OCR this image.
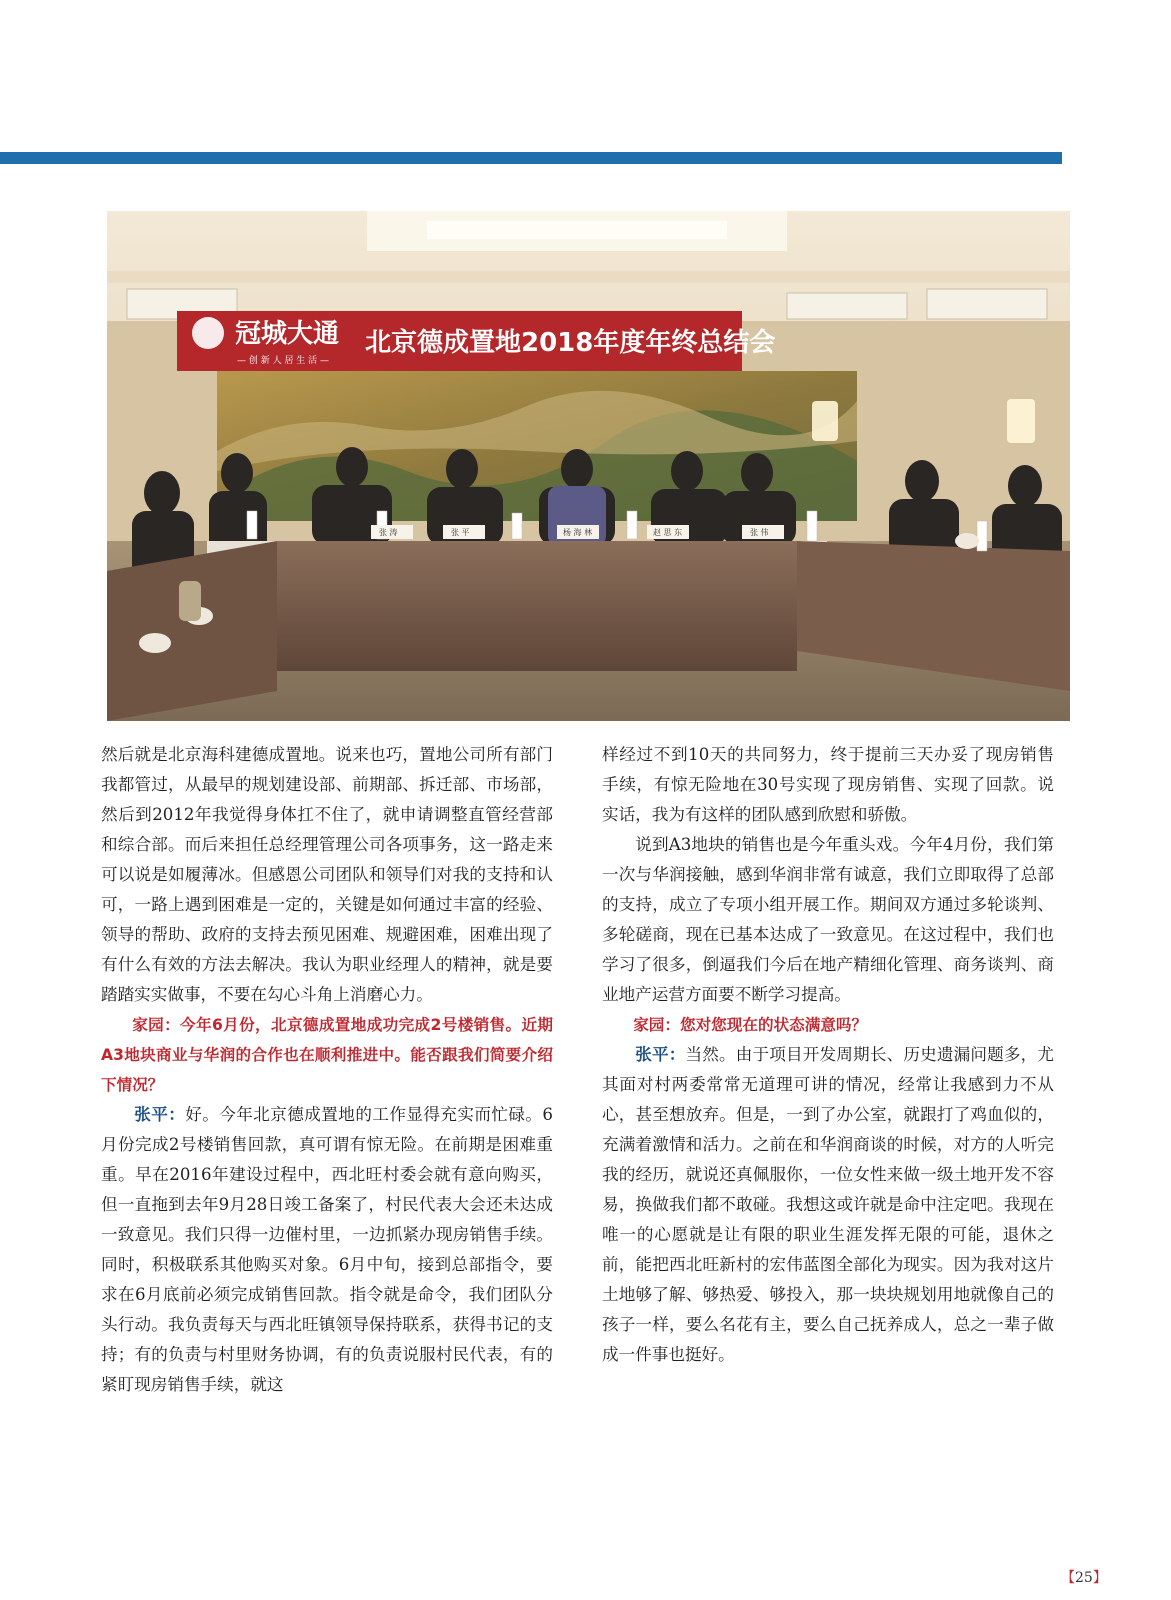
冠城大通
— 创 新 人 居 生 活 —
北京德成置地2018年度年终总结会
张 涛	张 平	杨 海 林	赵 思 东	张 伟

然后就是北京海科建德成置地。说来也巧，置地公司所有部门我都管过，从最早的规划建设部、前期部、拆迁部、市场部，然后到2012年我觉得身体扛不住了，就申请调整直管经营部和综合部。而后来担任总经理管理公司各项事务，这一路走来可以说是如履薄冰。但感恩公司团队和领导们对我的支持和认可，一路上遇到困难是一定的，关键是如何通过丰富的经验、领导的帮助、政府的支持去预见困难、规避困难，困难出现了有什么有效的方法去解决。我认为职业经理人的精神，就是要踏踏实实做事，不要在勾心斗角上消磨心力。

家园：今年6月份，北京德成置地成功完成2号楼销售。近期A3地块商业与华润的合作也在顺利推进中。能否跟我们简要介绍下情况？

张平：好。今年北京德成置地的工作显得充实而忙碌。6月份完成2号楼销售回款，真可谓有惊无险。在前期是困难重重。早在2016年建设过程中，西北旺村委会就有意向购买，但一直拖到去年9月28日竣工备案了，村民代表大会还未达成一致意见。我们只得一边催村里，一边抓紧办现房销售手续。同时，积极联系其他购买对象。6月中旬，接到总部指令，要求在6月底前必须完成销售回款。指令就是命令，我们团队分头行动。我负责每天与西北旺镇领导保持联系，获得书记的支持；有的负责与村里财务协调，有的负责说服村民代表，有的紧盯现房销售手续，就这

样经过不到10天的共同努力，终于提前三天办妥了现房销售手续，有惊无险地在30号实现了现房销售、实现了回款。说实话，我为有这样的团队感到欣慰和骄傲。

说到A3地块的销售也是今年重头戏。今年4月份，我们第一次与华润接触，感到华润非常有诚意，我们立即取得了总部的支持，成立了专项小组开展工作。期间双方通过多轮谈判、多轮磋商，现在已基本达成了一致意见。在这过程中，我们也学习了很多，倒逼我们今后在地产精细化管理、商务谈判、商业地产运营方面要不断学习提高。

家园：您对您现在的状态满意吗？

张平：当然。由于项目开发周期长、历史遗漏问题多，尤其面对村两委常常无道理可讲的情况，经常让我感到力不从心，甚至想放弃。但是，一到了办公室，就跟打了鸡血似的，充满着激情和活力。之前在和华润商谈的时候，对方的人听完我的经历，就说还真佩服你，一位女性来做一级土地开发不容易，换做我们都不敢碰。我想这或许就是命中注定吧。我现在唯一的心愿就是让有限的职业生涯发挥无限的可能，退休之前，能把西北旺新村的宏伟蓝图全部化为现实。因为我对这片土地够了解、够热爱、够投入，那一块块规划用地就像自己的孩子一样，要么名花有主，要么自己抚养成人，总之一辈子做成一件事也挺好。

【25】
